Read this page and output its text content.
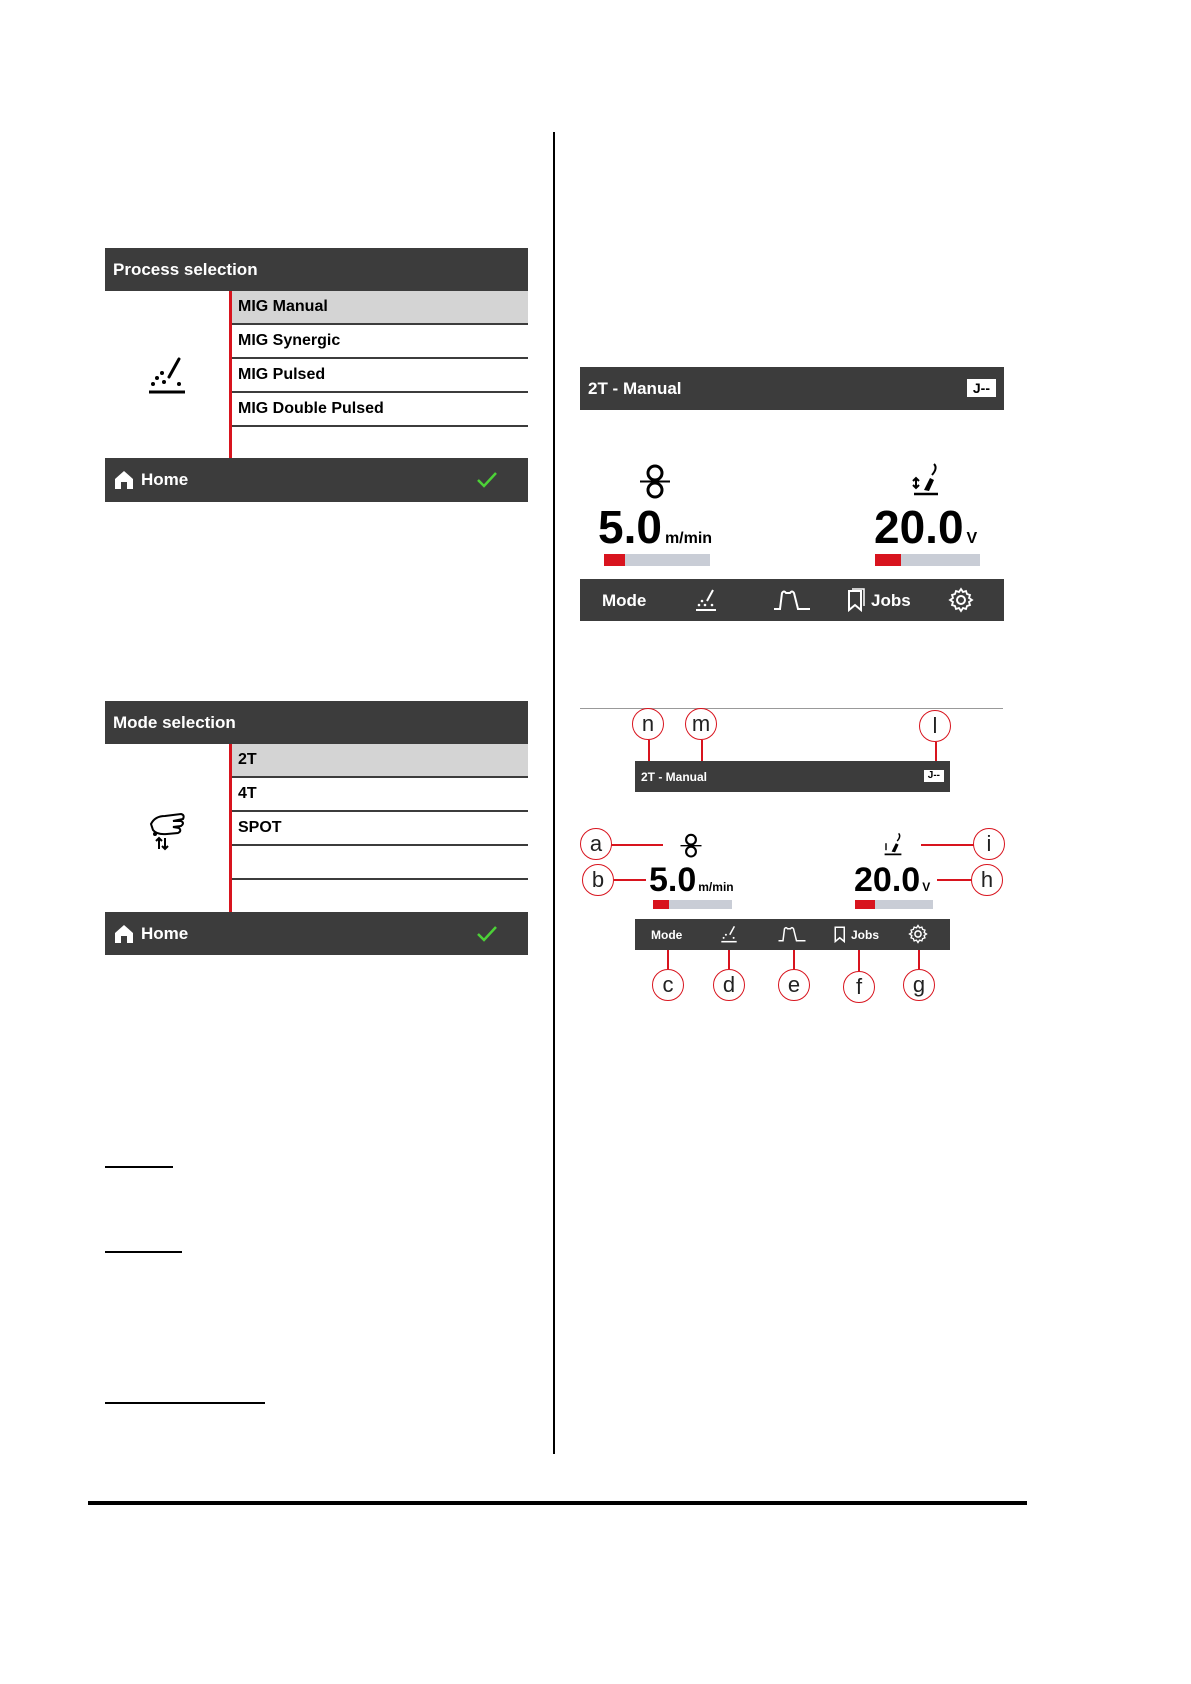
Process selection
MIG Manual
MIG Synergic
MIG Pulsed
MIG Double Pulsed
Home
Mode selection
2T
4T
SPOT
Home
2T - Manual	J--
5.0 m/min	20.0 V
Mode	Jobs
2T - Manual	J--
5.0 m/min	20.0 V
Mode	Jobs
n	m	l
a
b
i
h
c	d	e	f	g
